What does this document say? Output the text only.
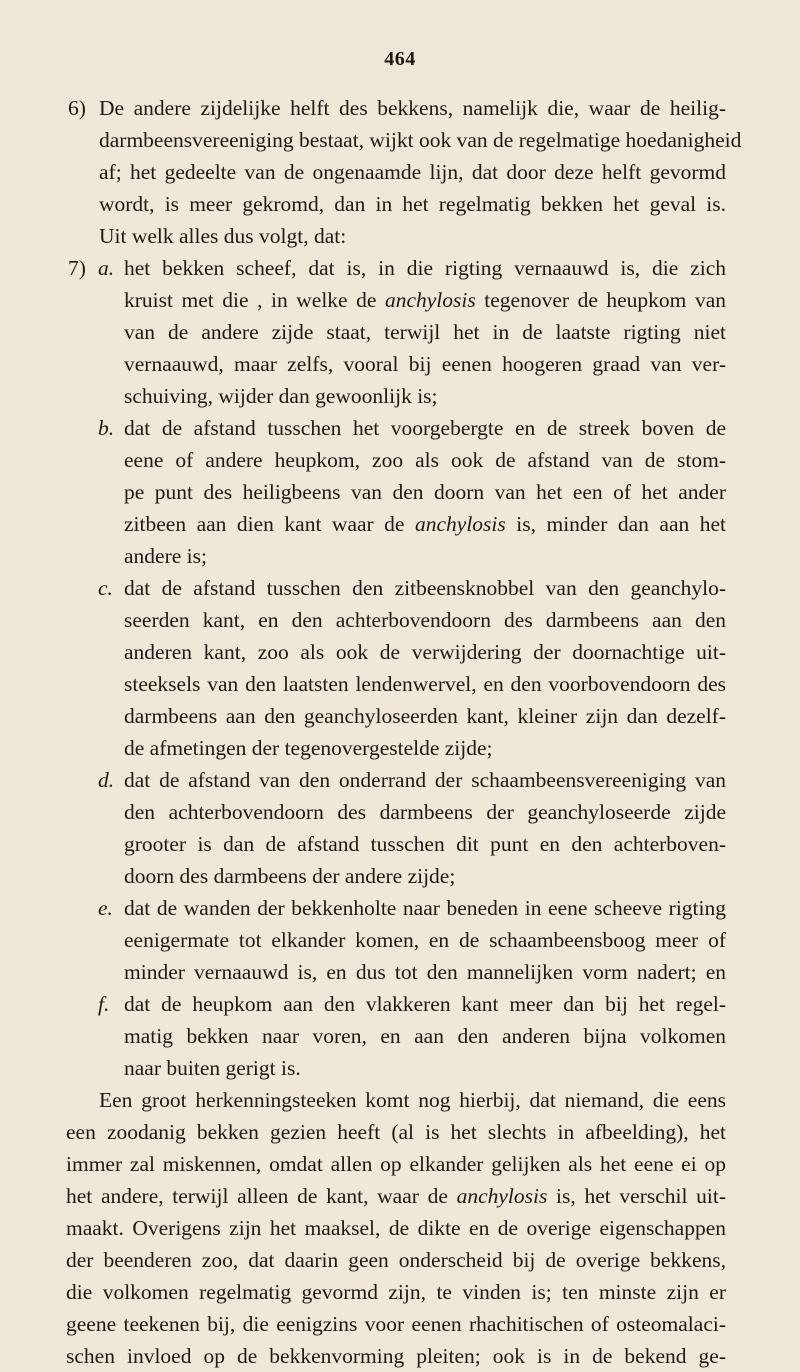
464
6) De andere zijdelijke helft des bekkens, namelijk die, waar de heilig-
darmbeensvereeniging bestaat, wijkt ook van de regelmatige hoedanigheid
af; het gedeelte van de ongenaamde lijn, dat door deze helft gevormd
wordt, is meer gekromd, dan in het regelmatig bekken het geval is.
Uit welk alles dus volgt, dat:
7) a. het bekken scheef, dat is, in die rigting vernaauwd is, die zich
kruist met die , in welke de anchylosis tegenover de heupkom van
van de andere zijde staat, terwijl het in de laatste rigting niet
vernaauwd, maar zelfs, vooral bij eenen hoogeren graad van ver-
schuiving, wijder dan gewoonlijk is;
b. dat de afstand tusschen het voorgebergte en de streek boven de
eene of andere heupkom, zoo als ook de afstand van de stom-
pe punt des heiligbeens van den doorn van het een of het ander
zitbeen aan dien kant waar de anchylosis is, minder dan aan het
andere is;
c. dat de afstand tusschen den zitbeensknobbel van den geanchylo-
seerden kant, en den achterbovendoorn des darmbeens aan den
anderen kant, zoo als ook de verwijdering der doornachtige uit-
steeksels van den laatsten lendenwervel, en den voorbovendoorn des
darmbeens aan den geanchyloseerden kant, kleiner zijn dan dezelf-
de afmetingen der tegenovergestelde zijde;
d. dat de afstand van den onderrand der schaambeensvereeniging van
den achterbovendoorn des darmbeens der geanchyloseerde zijde
grooter is dan de afstand tusschen dit punt en den achterboven-
doorn des darmbeens der andere zijde;
e. dat de wanden der bekkenholte naar beneden in eene scheeve rigting
eenigermate tot elkander komen, en de schaambeensboog meer of
minder vernaauwd is, en dus tot den mannelijken vorm nadert; en
f. dat de heupkom aan den vlakkeren kant meer dan bij het regel-
matig bekken naar voren, en aan den anderen bijna volkomen
naar buiten gerigt is.
Een groot herkenningsteeken komt nog hierbij, dat niemand, die eens
een zoodanig bekken gezien heeft (al is het slechts in afbeelding), het
immer zal miskennen, omdat allen op elkander gelijken als het eene ei op
het andere, terwijl alleen de kant, waar de anchylosis is, het verschil uit-
maakt. Overigens zijn het maaksel, de dikte en de overige eigenschappen
der beenderen zoo, dat daarin geen onderscheid bij de overige bekkens,
die volkomen regelmatig gevormd zijn, te vinden is; ten minste zijn er
geene teekenen bij, die eenigzins voor eenen rhachitischen of osteomalaci-
schen invloed op de bekkenvorming pleiten; ook is in de bekend ge-
